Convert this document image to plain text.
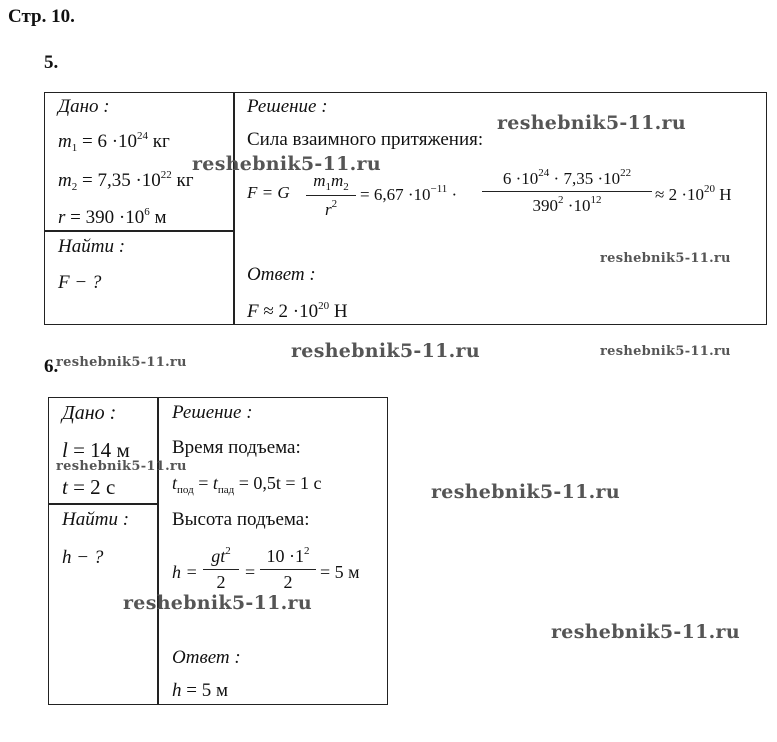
Стр. 10.
5.
Дано :
$m_1 = 6 \cdot 10^{24}$ кг
$m_2 = 7,35 \cdot 10^{22}$ кг
$r = 390 \cdot 10^6$ м
Найти :
F − ?
Решение :
Сила взаимного притяжения:
F = G
$m_1m_2$
$r^2$
= $6,67 \cdot 10^{-11}$ ·
$6 \cdot 10^{24} \cdot 7,35 \cdot 10^{22}$
$390^2 \cdot 10^{12}$	≈ $2 \cdot 10^{20}$ Н
Ответ :
$F \approx 2 \cdot 10^{20}$ Н
6.
Дано :
l = 14 м
t = 2 с
Найти :
h − ?
Решение :
Время подъема:
$t_{под} = t_{пад} = 0,5t = 1$ с
Высота подъема:
h =
$gt^2$
2
=
$10 \cdot 1^2$
2
= 5 м
Ответ :
h = 5 м
reshebnik5-11.ru
reshebnik5-11.ru
reshebnik5-11.ru
reshebnik5-11.ru	reshebnik5-11.ru
reshebnik5-11.ru
reshebnik5-11.ru
reshebnik5-11.ru
reshebnik5-11.ru
reshebnik5-11.ru
